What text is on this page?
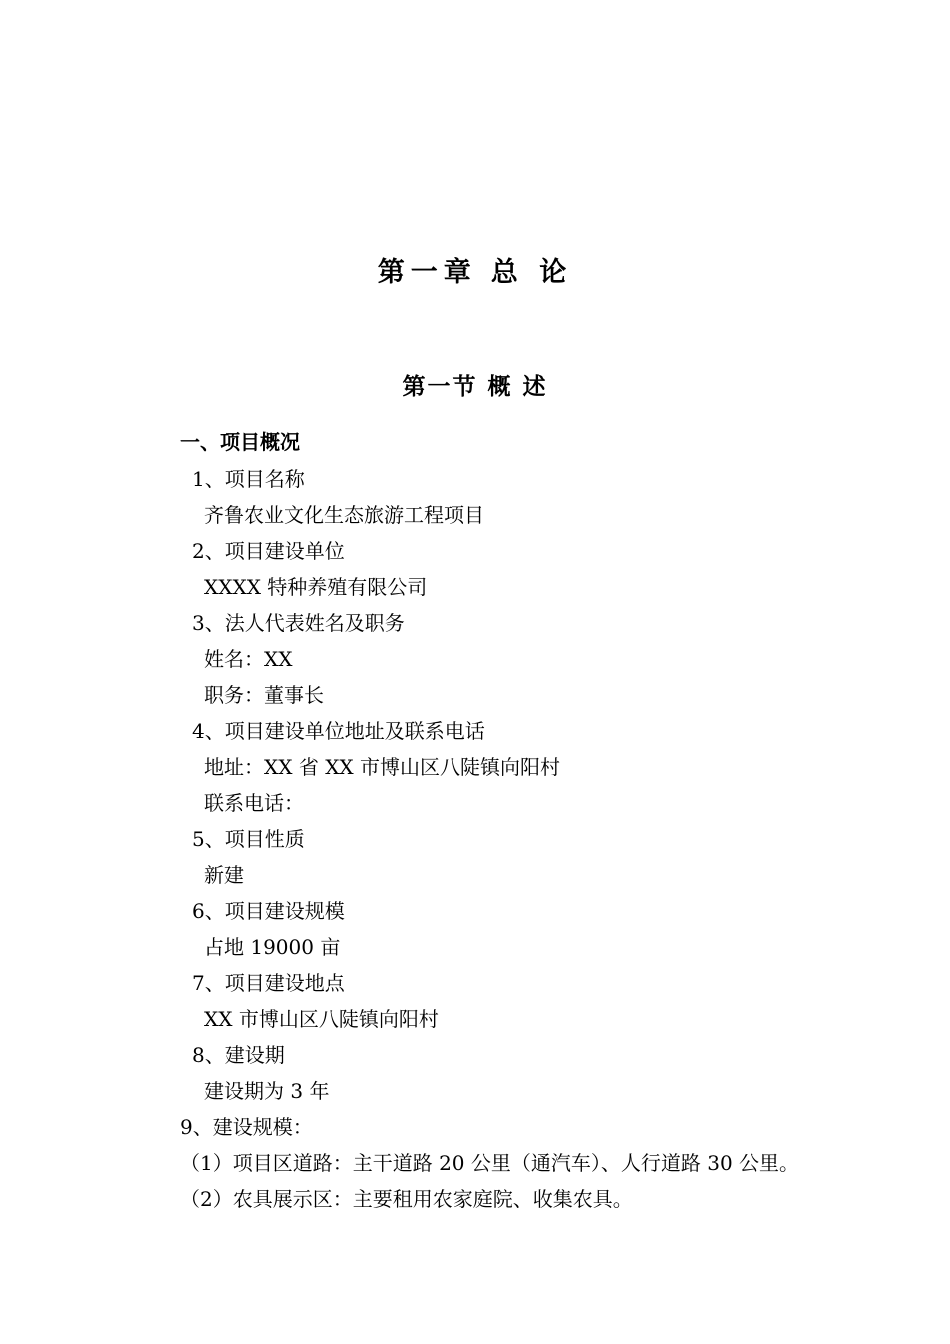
第一章 总 论
第一节 概 述
一、项目概况
1、项目名称
齐鲁农业文化生态旅游工程项目
2、项目建设单位
XXXX 特种养殖有限公司
3、法人代表姓名及职务
姓名：XX
职务：董事长
4、项目建设单位地址及联系电话
地址：XX 省 XX 市博山区八陡镇向阳村
联系电话：
5、项目性质
新建
6、项目建设规模
占地 19000 亩
7、项目建设地点
XX 市博山区八陡镇向阳村
8、建设期
建设期为 3 年
9、建设规模：
（1）项目区道路：主干道路 20 公里（通汽车）、人行道路 30 公里。
（2）农具展示区：主要租用农家庭院、收集农具。
